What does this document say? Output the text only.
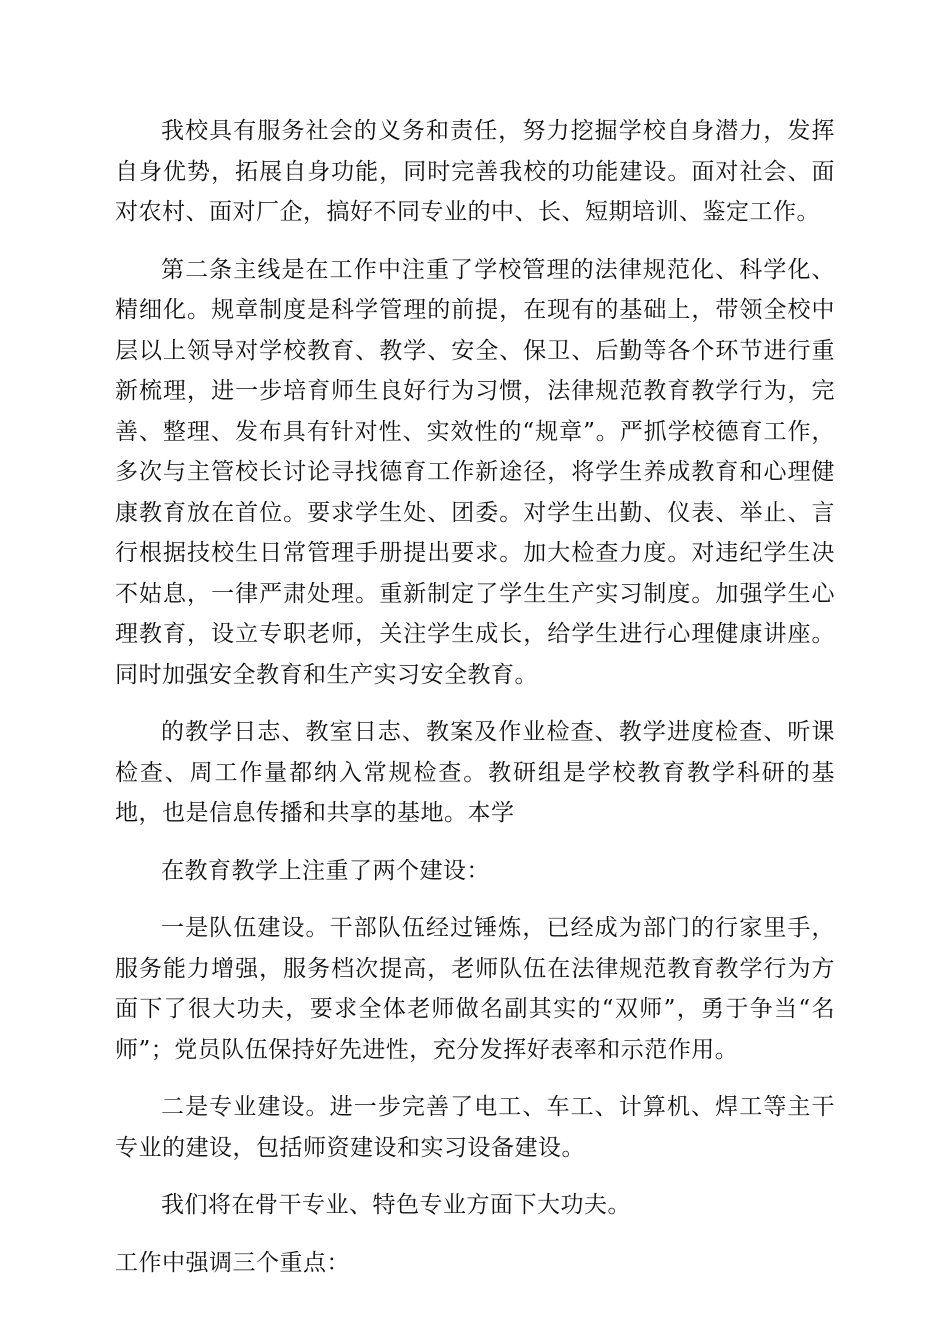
我校具有服务社会的义务和责任，努力挖掘学校自身潜力，发挥自身优势，拓展自身功能，同时完善我校的功能建设。面对社会、面对农村、面对厂企，搞好不同专业的中、长、短期培训、鉴定工作。

第二条主线是在工作中注重了学校管理的法律规范化、科学化、精细化。规章制度是科学管理的前提，在现有的基础上，带领全校中层以上领导对学校教育、教学、安全、保卫、后勤等各个环节进行重新梳理，进一步培育师生良好行为习惯，法律规范教育教学行为，完善、整理、发布具有针对性、实效性的“规章”。严抓学校德育工作，多次与主管校长讨论寻找德育工作新途径，将学生养成教育和心理健康教育放在首位。要求学生处、团委。对学生出勤、仪表、举止、言行根据技校生日常管理手册提出要求。加大检查力度。对违纪学生决不姑息，一律严肃处理。重新制定了学生生产实习制度。加强学生心理教育，设立专职老师，关注学生成长，给学生进行心理健康讲座。同时加强安全教育和生产实习安全教育。

的教学日志、教室日志、教案及作业检查、教学进度检查、听课检查、周工作量都纳入常规检查。教研组是学校教育教学科研的基地，也是信息传播和共享的基地。本学

在教育教学上注重了两个建设：

一是队伍建设。干部队伍经过锤炼，已经成为部门的行家里手，服务能力增强，服务档次提高，老师队伍在法律规范教育教学行为方面下了很大功夫，要求全体老师做名副其实的“双师”，勇于争当“名师”；党员队伍保持好先进性，充分发挥好表率和示范作用。

二是专业建设。进一步完善了电工、车工、计算机、焊工等主干专业的建设，包括师资建设和实习设备建设。

我们将在骨干专业、特色专业方面下大功夫。

工作中强调三个重点：
